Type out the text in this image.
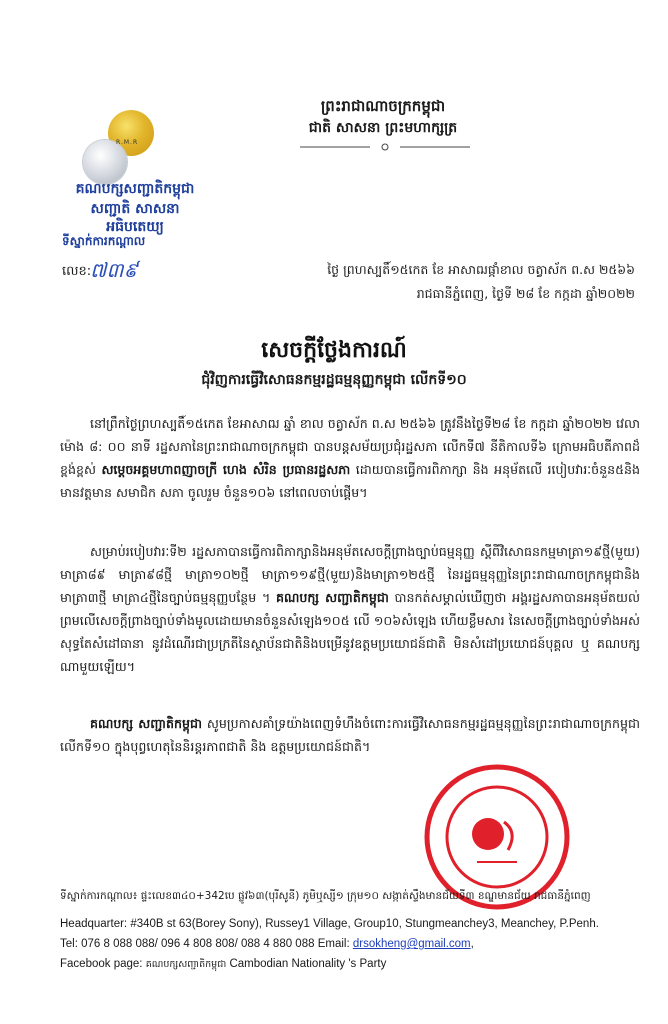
R.M.R
គណបក្សសញ្ជាតិកម្ពុជា
សញ្ជាតិ សាសនា អធិបតេយ្យ
ទីស្នាក់ការកណ្តាល
លេខ:
៧៣៩
ព្រះរាជាណាចក្រកម្ពុជា
ជាតិ សាសនា ព្រះមហាក្សត្រ
ថ្ងៃ ព្រហស្បតិ៍១៥កេត ខែ អាសាឍផ្កាំខាល ចត្វាស័ក ព.ស ២៥៦៦
រាជធានីភ្នំពេញ, ថ្ងៃទី ២៨ ខែ កក្កដា ឆ្នាំ២០២២
សេចក្តីថ្លែងការណ៍
ជុំវិញការធ្វើវិសោធនកម្មរដ្ឋធម្មនុញ្ញកម្ពុជា លើកទី១០
នៅព្រឹកថ្ងៃព្រហស្បតិ៍១៥កេត ខែអាសាឍ ឆ្នាំ ខាល ចត្វាស័ក ព.ស ២៥៦៦ ត្រូវនឹងថ្ងៃទី២៨ ខែ កក្កដា ឆ្នាំ២០២២ វេលា ម៉ោង ៨: ០០ នាទី រដ្ឋសភានៃព្រះរាជាណាចក្រកម្ពុជា បានបន្តសម័យប្រជុំរដ្ឋសភា លើកទី៧ នីតិកាលទី៦ ក្រោមអធិបតីភាពដ៏ខ្ពង់ខ្ពស់ សម្តេចអគ្គមហាពញាចក្រី ហេង សំរិន ប្រធានរដ្ឋសភា ដោយបានធ្វើការពិភាក្សា និង អនុម័តលើ របៀបវារៈចំនួន៥និងមានវត្តមាន សមាជិក សភា ចូលរួម ចំនួន១០៦ នៅពេលចាប់ផ្តើម។
សម្រាប់របៀបវារៈទី២ រដ្ឋសភាបានធ្វើការពិភាក្សានិងអនុម័តសេចក្តីព្រាងច្បាប់ធម្មនុញ្ញ ស្តីពីវិសោធនកម្មមាត្រា១៩ថ្មី(មួយ) មាត្រា៨៩ មាត្រា៩៨ថ្មី មាត្រា១០២ថ្មី មាត្រា១១៩ថ្មី(មួយ)និងមាត្រា១២៥ថ្មី នៃរដ្ឋធម្មនុញ្ញនៃព្រះរាជាណាចក្រកម្ពុជានិងមាត្រា៣ថ្មី មាត្រា៤ថ្មីនៃច្បាប់ធម្មនុញ្ញបន្ថែម ។ គណបក្ស សញ្ជាតិកម្ពុជា បានកត់សម្គាល់ឃើញថា អង្គរដ្ឋសភាបានអនុម័តយល់ព្រមលើសេចក្តីព្រាងច្បាប់ទាំងមូលដោយមានចំនួនសំឡេង១០៥ លើ ១០៦សំឡេង ហើយខ្លឹមសារ នៃសេចក្តីព្រាងច្បាប់ទាំងអស់ សុទ្ធតែសំដៅធានា នូវដំណើរជាប្រក្រតីនៃស្ថាប័នជាតិនិងបម្រើនូវឧត្តមប្រយោជន៍ជាតិ មិនសំដៅប្រយោជន៍បុគ្គល ឬ គណបក្សណាមួយឡើយ។
គណបក្ស សញ្ជាតិកម្ពុជា សូមប្រកាសគាំទ្រយ៉ាងពេញទំហឹងចំពោះការធ្វើវិសោធនកម្មរដ្ឋធម្មនុញ្ញនៃព្រះរាជាណាចក្រកម្ពុជា លើកទី១០ ក្នុងបុព្វហេតុនៃនិរន្តរភាពជាតិ និង ឧត្តមប្រយោជន៍ជាតិ។
ទីស្នាក់ការកណ្តាល៖ ផ្ទះលេខ៣៤០+342បេ ផ្លូវ៦៣(បុរីសូនី) ភូមិឬស្សី១ ក្រុម១០ សង្កាត់ស្ទឹងមានជ័យទី៣ ខណ្ឌមានជ័យ រាជធានីភ្នំពេញ
Headquarter: #340B st 63(Borey Sony), Russey1 Village, Group10, Stungmeanchey3, Meanchey, P.Penh.
Tel: 076 8 088 088/ 096 4 808 808/ 088 4 880 088 Email: drsokheng@gmail.com,
Facebook page: គណបក្សសញ្ជាតិកម្ពុជា Cambodian Nationality 's Party
